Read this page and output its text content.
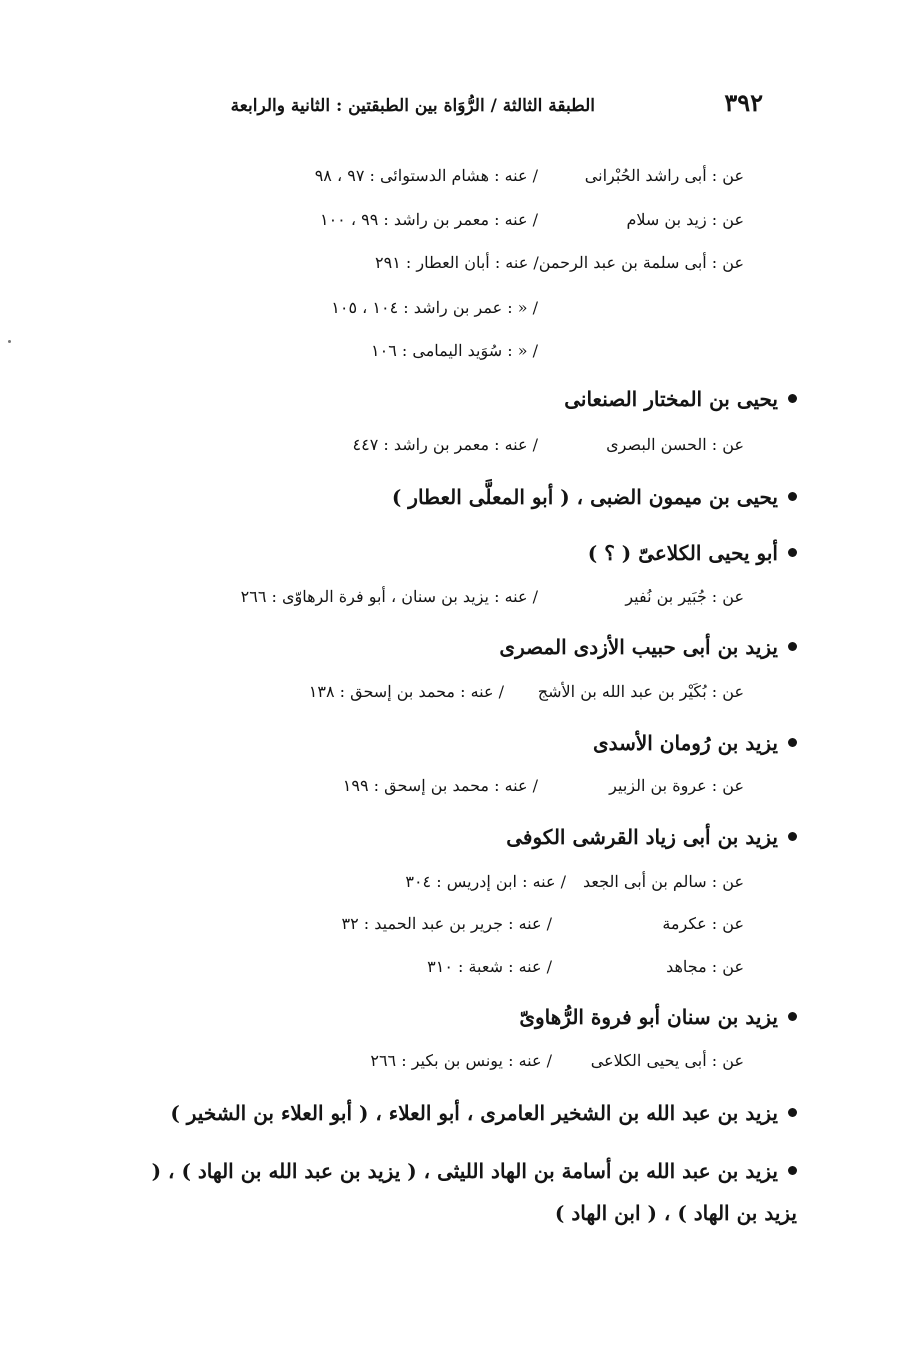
٣٩٢
الطبقة الثالثة / الرُّوَاة بين الطبقتين : الثانية والرابعة
عن : أبى راشد الحُبْرانى
/ عنه : هشام الدستوائى : ٩٧ ، ٩٨
عن : زيد بن سلام
/ عنه : معمر بن راشد : ٩٩ ، ١٠٠
عن : أبى سلمة بن عبد الرحمن/ عنه : أبان العطار : ٢٩١
/ « : عمر بن راشد : ١٠٤ ، ١٠٥
/ « : سُوَيد اليمامى : ١٠٦
يحيى بن المختار الصنعانى
عن : الحسن البصرى
/ عنه : معمر بن راشد : ٤٤٧
يحيى بن ميمون الضبى ، ( أبو المعلَّى العطار )
أبو يحيى الكلاعىّ ( ؟ )
عن : جُبَير بن نُفير
/ عنه : يزيد بن سنان ، أبو فرة الرهاوّى : ٢٦٦
يزيد بن أبى حبيب الأزدى المصرى
عن : بُكَيْر بن عبد الله بن الأشج
/ عنه : محمد بن إسحق : ١٣٨
يزيد بن رُومان الأسدى
عن : عروة بن الزبير
/ عنه : محمد بن إسحق : ١٩٩
يزيد بن أبى زياد القرشى الكوفى
عن : سالم بن أبى الجعد
/ عنه : ابن إدريس : ٣٠٤
عن : عكرمة
/ عنه : جرير بن عبد الحميد : ٣٢
عن : مجاهد
/ عنه : شعبة : ٣١٠
يزيد بن سنان أبو فروة الرُّهاوىّ
عن : أبى يحيى الكلاعى
/ عنه : يونس بن بكير : ٢٦٦
يزيد بن عبد الله بن الشخير العامرى ، أبو العلاء ، ( أبو العلاء بن الشخير )
يزيد بن عبد الله بن أسامة بن الهاد الليثى ، ( يزيد بن عبد الله بن الهاد ) ، ( يزيد بن الهاد ) ، ( ابن الهاد )
